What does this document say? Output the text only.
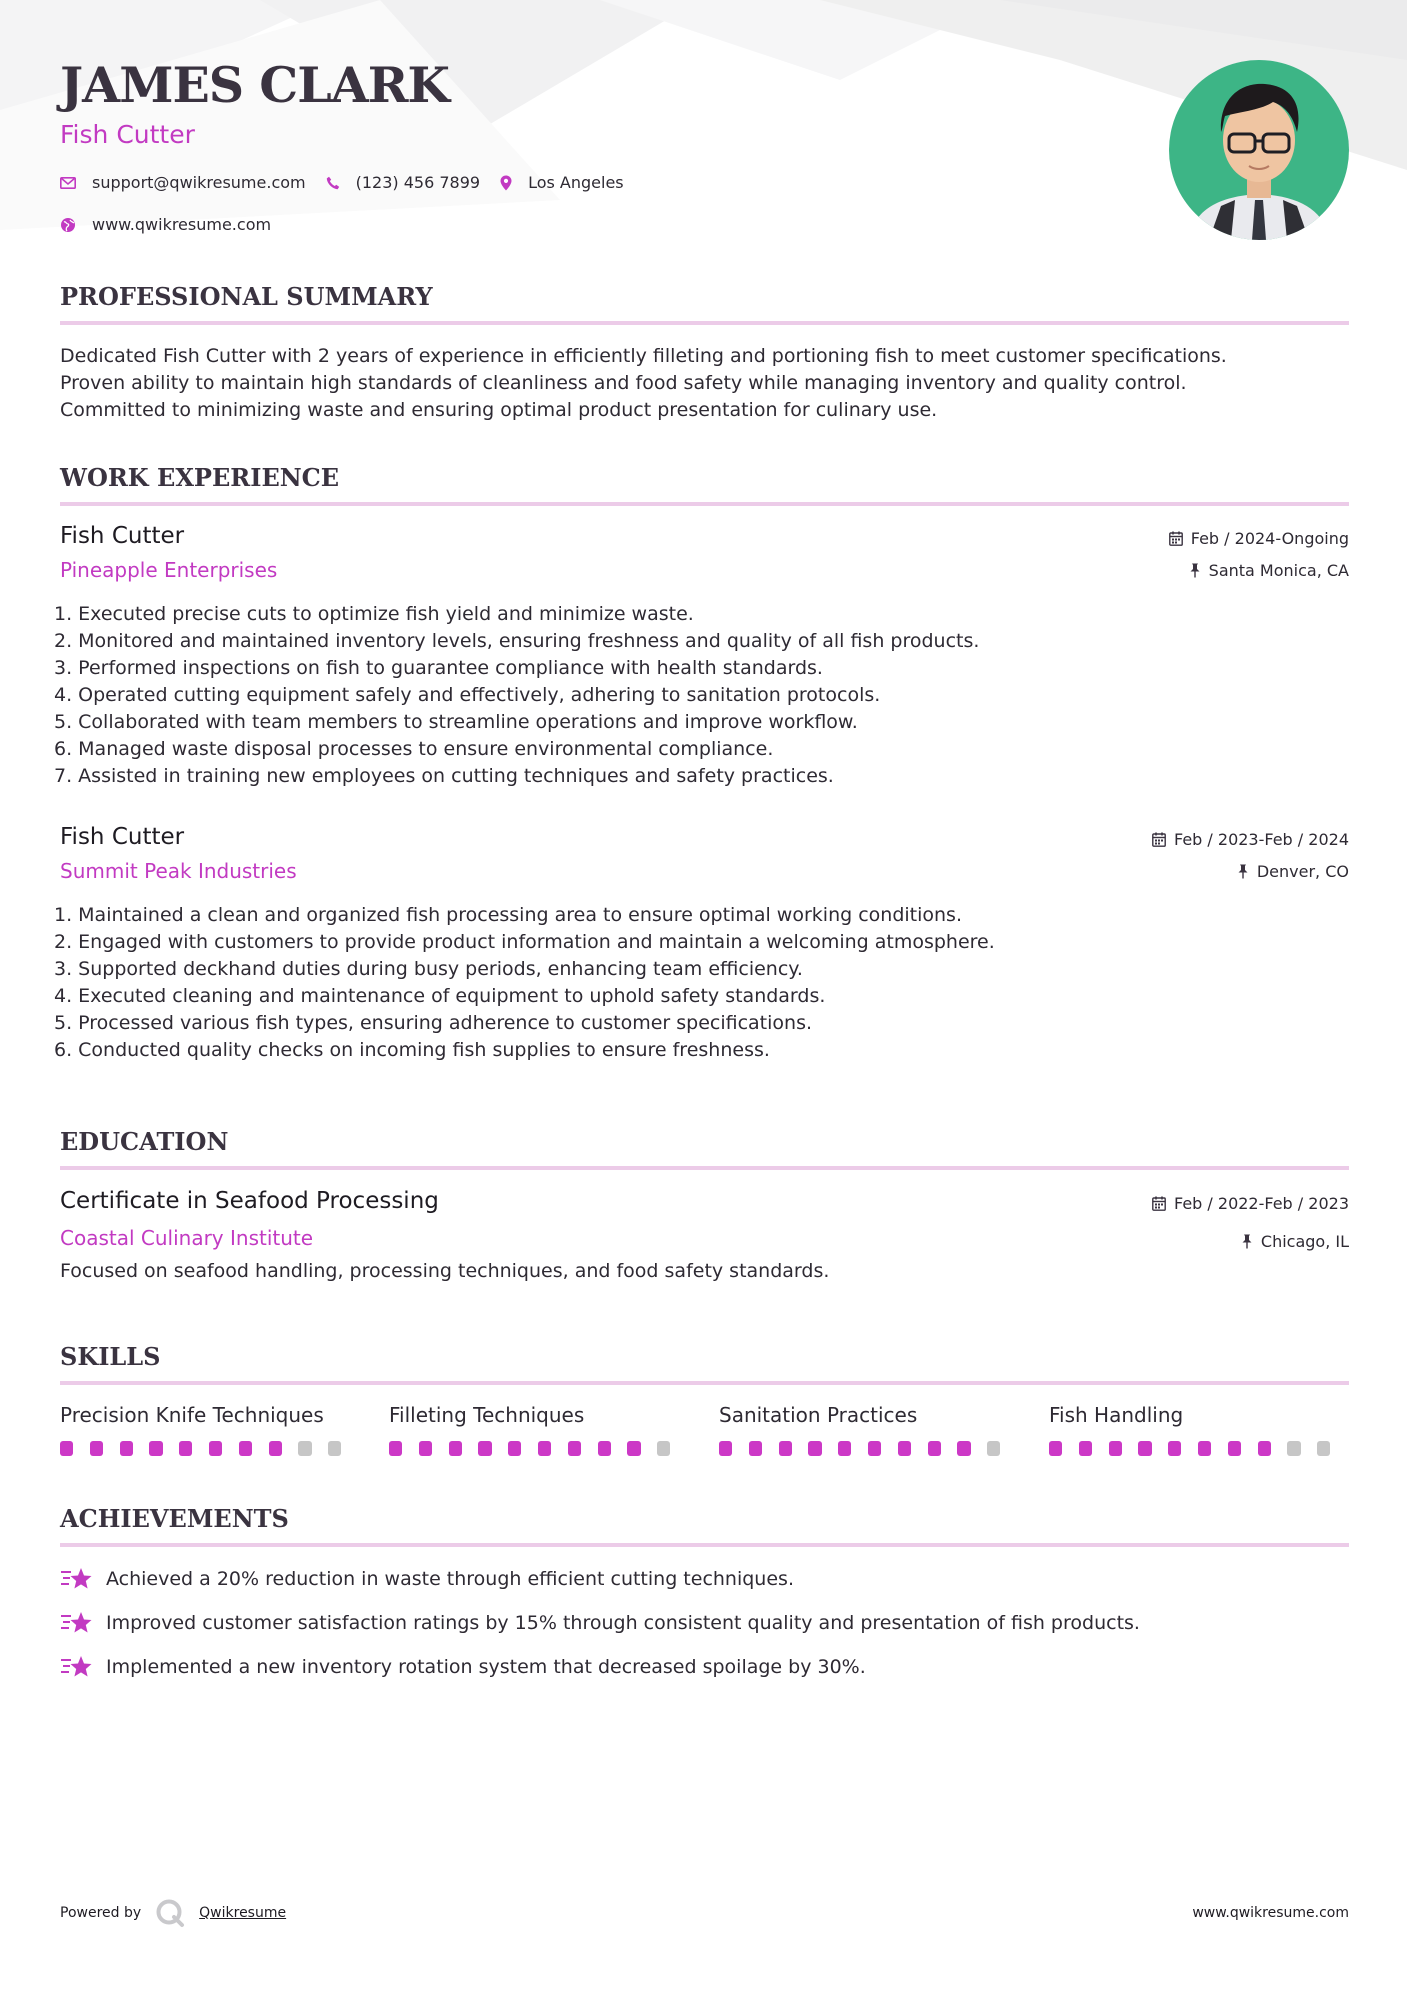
JAMES CLARK
Fish Cutter
support@qwikresume.com	(123) 456 7899	Los Angeles
www.qwikresume.com
PROFESSIONAL SUMMARY
Dedicated Fish Cutter with 2 years of experience in efficiently filleting and portioning fish to meet customer specifications.
Proven ability to maintain high standards of cleanliness and food safety while managing inventory and quality control.
Committed to minimizing waste and ensuring optimal product presentation for culinary use.
WORK EXPERIENCE
Fish Cutter
Pineapple Enterprises
Feb / 2024-Ongoing
Santa Monica, CA
1. Executed precise cuts to optimize fish yield and minimize waste.
2. Monitored and maintained inventory levels, ensuring freshness and quality of all fish products.
3. Performed inspections on fish to guarantee compliance with health standards.
4. Operated cutting equipment safely and effectively, adhering to sanitation protocols.
5. Collaborated with team members to streamline operations and improve workflow.
6. Managed waste disposal processes to ensure environmental compliance.
7. Assisted in training new employees on cutting techniques and safety practices.
Fish Cutter
Summit Peak Industries
Feb / 2023-Feb / 2024
Denver, CO
1. Maintained a clean and organized fish processing area to ensure optimal working conditions.
2. Engaged with customers to provide product information and maintain a welcoming atmosphere.
3. Supported deckhand duties during busy periods, enhancing team efficiency.
4. Executed cleaning and maintenance of equipment to uphold safety standards.
5. Processed various fish types, ensuring adherence to customer specifications.
6. Conducted quality checks on incoming fish supplies to ensure freshness.
EDUCATION
Certificate in Seafood Processing
Coastal Culinary Institute
Feb / 2022-Feb / 2023
Chicago, IL
Focused on seafood handling, processing techniques, and food safety standards.
SKILLS
Precision Knife Techniques	Filleting Techniques	Sanitation Practices	Fish Handling
ACHIEVEMENTS
Achieved a 20% reduction in waste through efficient cutting techniques.
Improved customer satisfaction ratings by 15% through consistent quality and presentation of fish products.
Implemented a new inventory rotation system that decreased spoilage by 30%.
Powered by	Qwikresume	www.qwikresume.com
